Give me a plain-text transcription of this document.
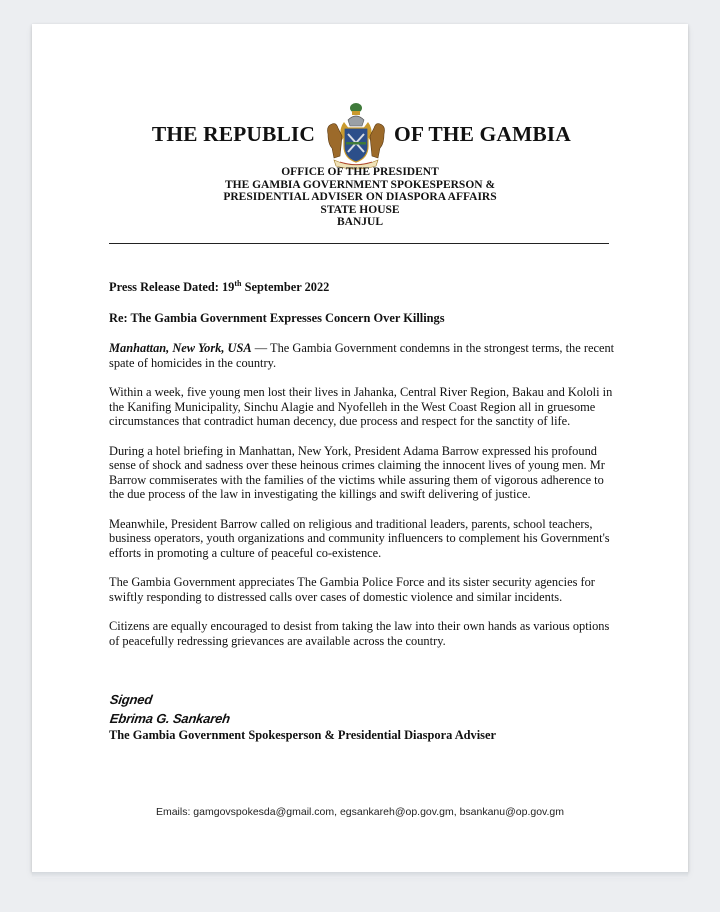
THE REPUBLIC	OF THE GAMBIA
OFFICE OF THE PRESIDENT
THE GAMBIA GOVERNMENT SPOKESPERSON &
PRESIDENTIAL ADVISER ON DIASPORA AFFAIRS
STATE HOUSE
BANJUL
Press Release Dated: 19th September 2022
Re: The Gambia Government Expresses Concern Over Killings

Manhattan, New York, USA — The Gambia Government condemns in the strongest terms, the recent spate of homicides in the country.

Within a week, five young men lost their lives in Jahanka, Central River Region, Bakau and Kololi in the Kanifing Municipality, Sinchu Alagie and Nyofelleh in the West Coast Region all in gruesome circumstances that contradict human decency, due process and respect for the sanctity of life.

During a hotel briefing in Manhattan, New York, President Adama Barrow expressed his profound sense of shock and sadness over these heinous crimes claiming the innocent lives of young men. Mr Barrow commiserates with the families of the victims while assuring them of vigorous adherence to the due process of the law in investigating the killings and swift delivering of justice.

Meanwhile, President Barrow called on religious and traditional leaders, parents, school teachers, business operators, youth organizations and community influencers to complement his Government's efforts in promoting a culture of peaceful co-existence.

The Gambia Government appreciates The Gambia Police Force and its sister security agencies for swiftly responding to distressed calls over cases of domestic violence and similar incidents.

Citizens are equally encouraged to desist from taking the law into their own hands as various options of peacefully redressing grievances are available across the country.

Signed
Ebrima G. Sankareh
The Gambia Government Spokesperson & Presidential Diaspora Adviser
Emails: gamgovspokesda@gmail.com, egsankareh@op.gov.gm, bsankanu@op.gov.gm
